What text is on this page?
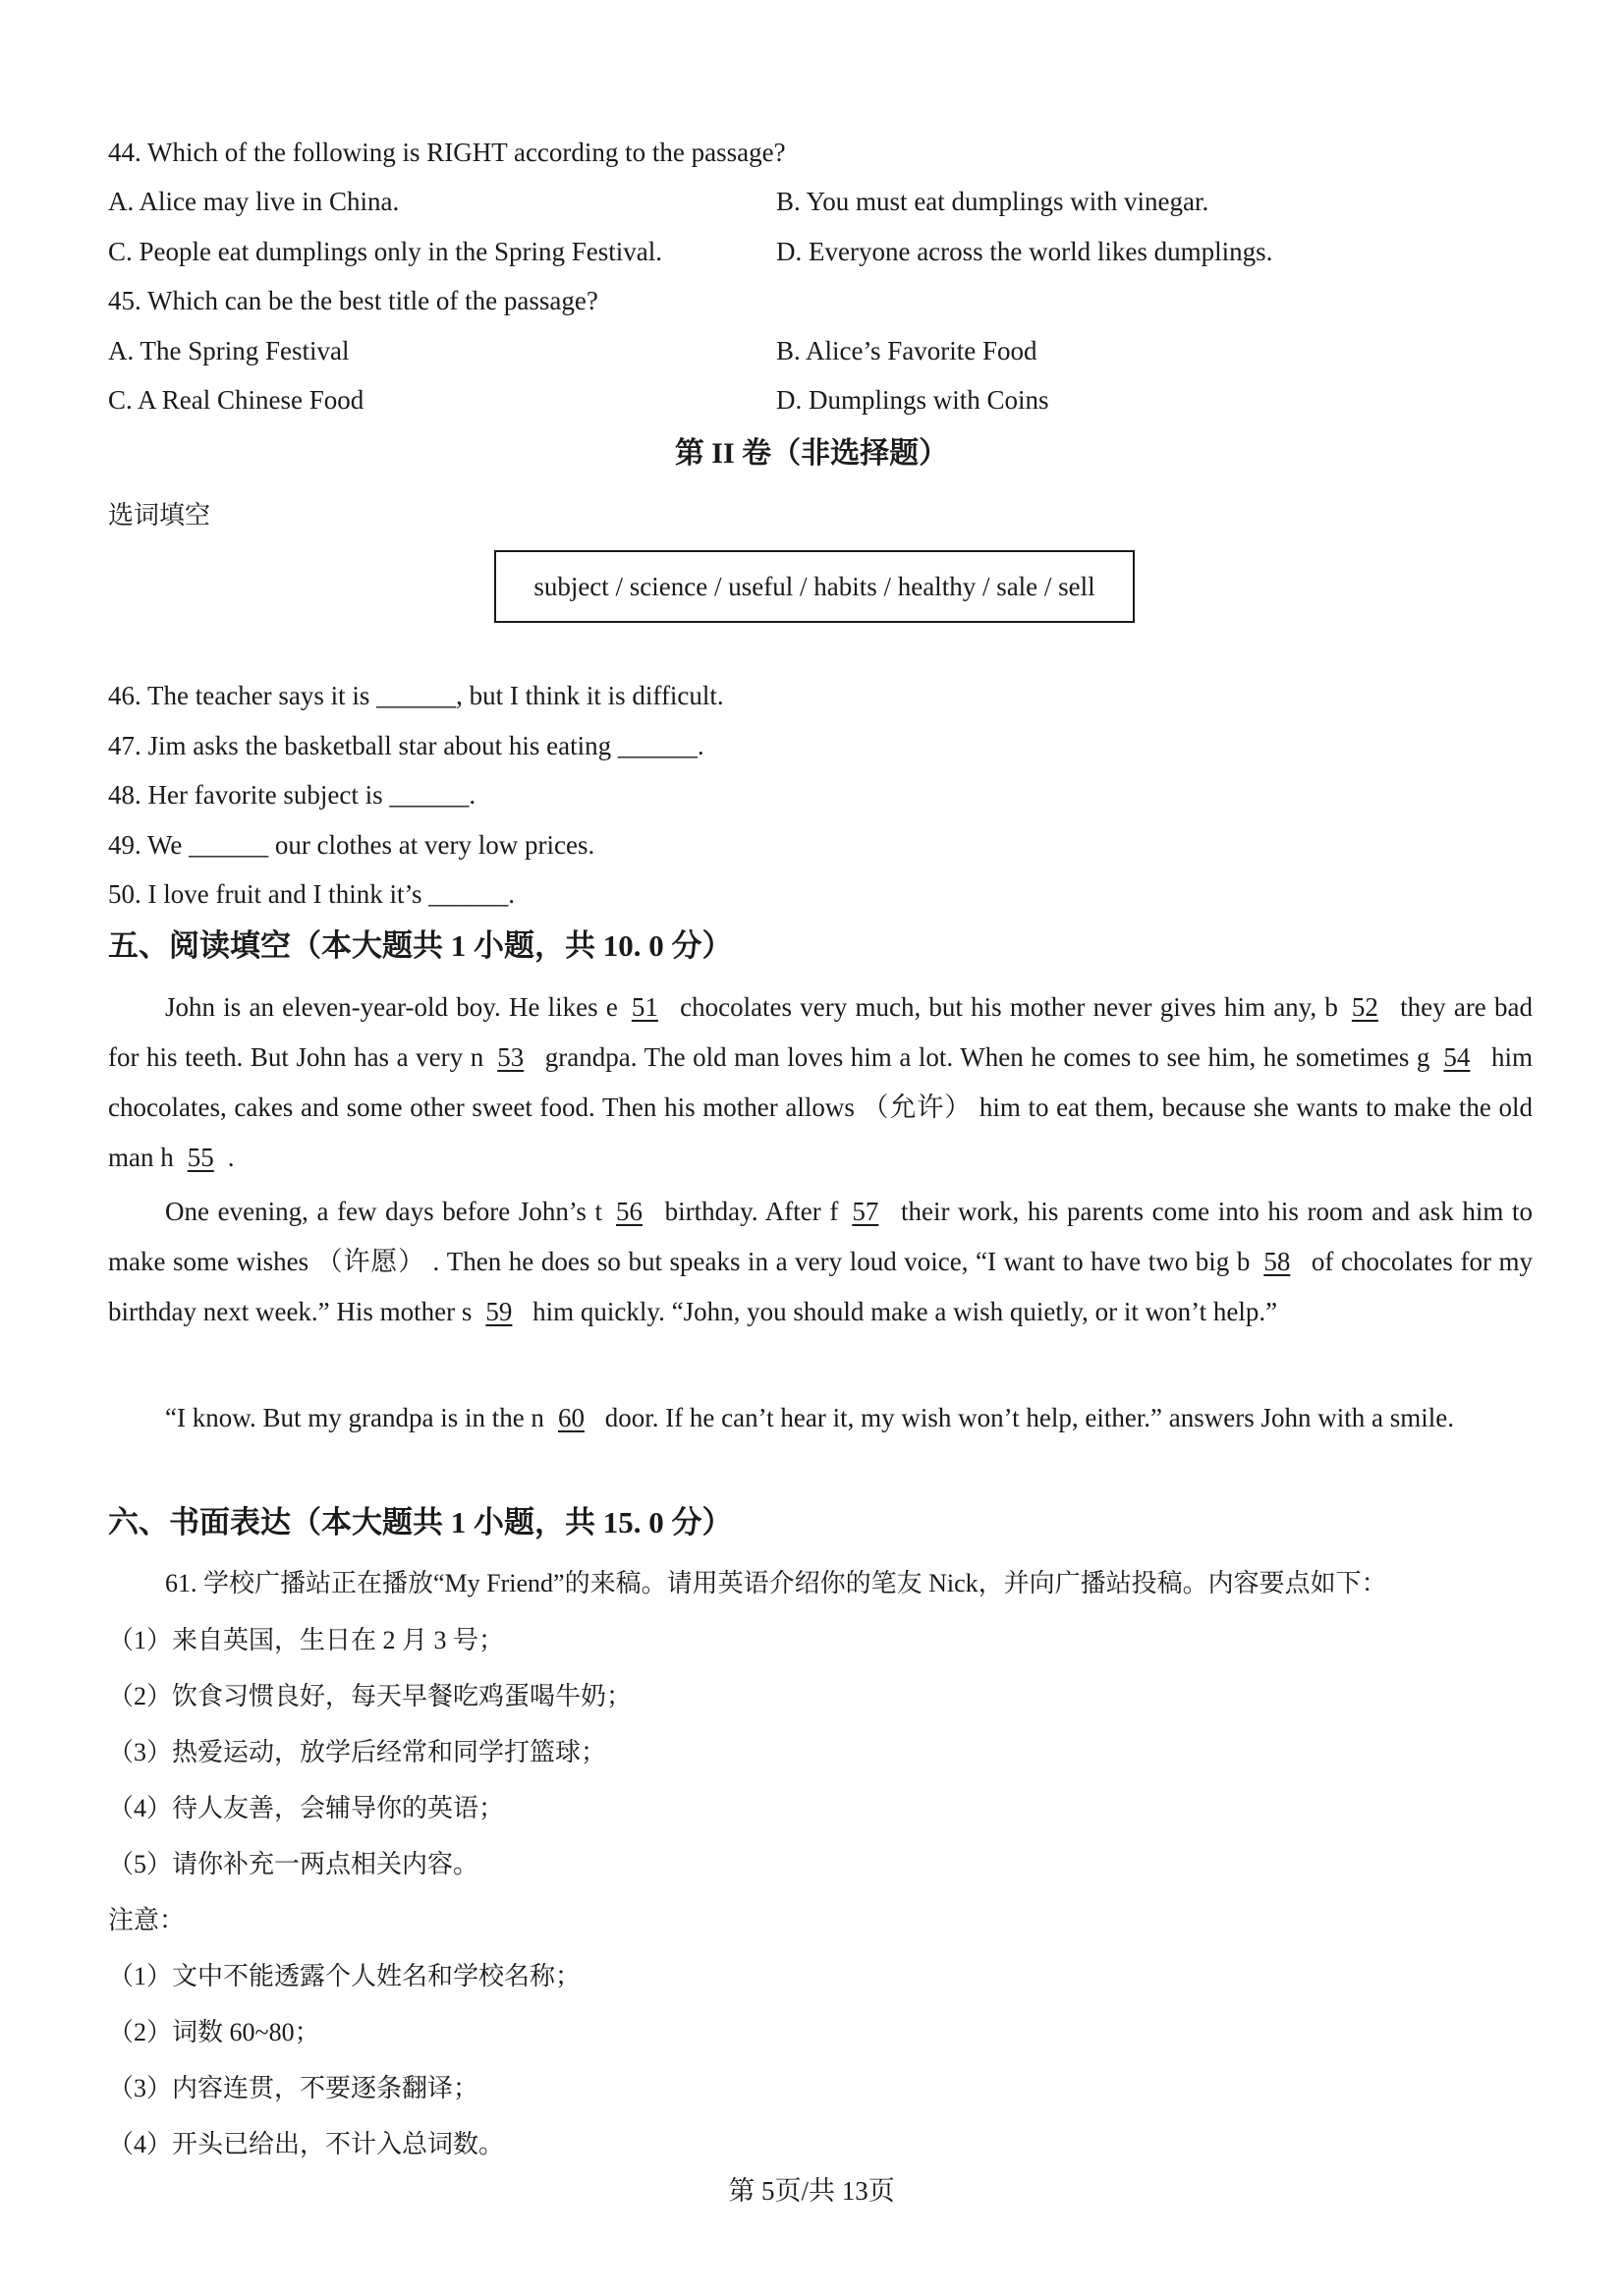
44. Which of the following is RIGHT according to the passage?
A. Alice may live in China.	B. You must eat dumplings with vinegar.
C. People eat dumplings only in the Spring Festival.	D. Everyone across the world likes dumplings.
45. Which can be the best title of the passage?
A. The Spring Festival	B. Alice’s Favorite Food
C. A Real Chinese Food	D. Dumplings with Coins
第 II 卷（非选择题）
选词填空
subject / science / useful / habits / healthy / sale / sell
46. The teacher says it is ______, but I think it is difficult.
47. Jim asks the basketball star about his eating ______.
48. Her favorite subject is ______.
49. We ______ our clothes at very low prices.
50. I love fruit and I think it’s ______.
五、阅读填空（本大题共 1 小题，共 10. 0 分）
John is an eleven-year-old boy. He likes e 51 chocolates very much, but his mother never gives him any, b 52 they are bad for his teeth. But John has a very n 53 grandpa. The old man loves him a lot. When he comes to see him, he sometimes g 54 him chocolates, cakes and some other sweet food. Then his mother allows （允许） him to eat them, because she wants to make the old man h 55 .
One evening, a few days before John’s t 56 birthday. After f 57 their work, his parents come into his room and ask him to make some wishes （许愿） . Then he does so but speaks in a very loud voice, “I want to have two big b 58 of chocolates for my birthday next week.” His mother s 59 him quickly. “John, you should make a wish quietly, or it won’t help.”
“I know. But my grandpa is in the n 60 door. If he can’t hear it, my wish won’t help, either.” answers John with a smile.
六、书面表达（本大题共 1 小题，共 15. 0 分）
61. 学校广播站正在播放“My Friend”的来稿。请用英语介绍你的笔友 Nick，并向广播站投稿。内容要点如下：
（1）来自英国，生日在 2 月 3 号；
（2）饮食习惯良好，每天早餐吃鸡蛋喝牛奶；
（3）热爱运动，放学后经常和同学打篮球；
（4）待人友善，会辅导你的英语；
（5）请你补充一两点相关内容。
注意：
（1）文中不能透露个人姓名和学校名称；
（2）词数 60~80；
（3）内容连贯，不要逐条翻译；
（4）开头已给出，不计入总词数。
第 5页/共 13页
